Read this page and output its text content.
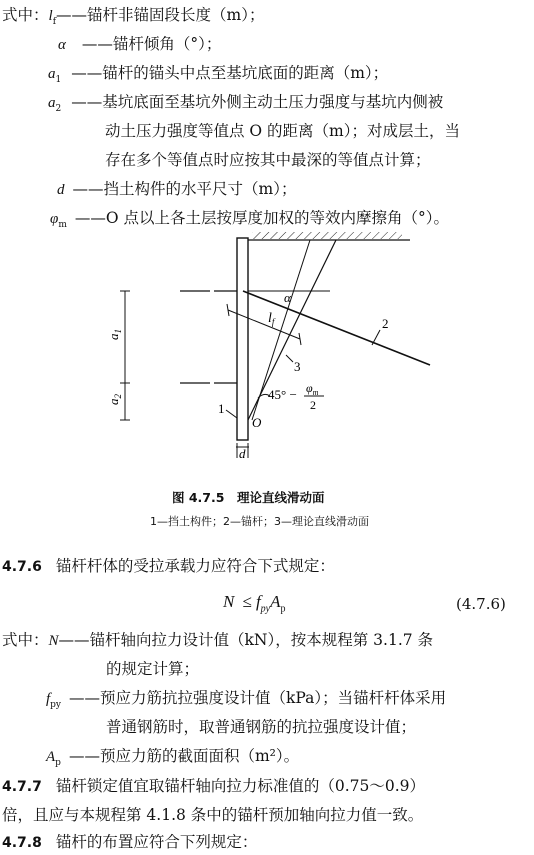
式中：$l_f——$锚杆非锚固段长度（m）；
α ——锚杆倾角（°）；
$a_1$ ——锚杆的锚头中点至基坑底面的距离（m）；
$a_2$ ——基坑底面至基坑外侧主动土压力强度与基坑内侧被
动土压力强度等值点 O 的距离（m）；对成层土，当
存在多个等值点时应按其中最深的等值点计算；
d ——挡土构件的水平尺寸（m）；
$\varphi_m$ ——O 点以上各土层按厚度加权的等效内摩擦角（°）。
$a_1$
$a_2$
$l_f$
α
2
3
$45^\circ - \varphi_m$
2
1
O
d
图 4.7.5　理论直线滑动面
1—挡土构件；2—锚杆；3—理论直线滑动面
4.7.6 锚杆杆体的受拉承载力应符合下式规定：
$N \le f_{py}A_p$	(4.7.6)
式中：N——锚杆轴向拉力设计值（kN），按本规程第 3.1.7 条
的规定计算；
$f_{py}$ ——预应力筋抗拉强度设计值（kPa）；当锚杆杆体采用
普通钢筋时，取普通钢筋的抗拉强度设计值；
$A_p$ ——预应力筋的截面面积（m²）。
4.7.7 锚杆锁定值宜取锚杆轴向拉力标准值的（0.75～0.9）
倍，且应与本规程第 4.1.8 条中的锚杆预加轴向拉力值一致。
4.7.8 锚杆的布置应符合下列规定：
